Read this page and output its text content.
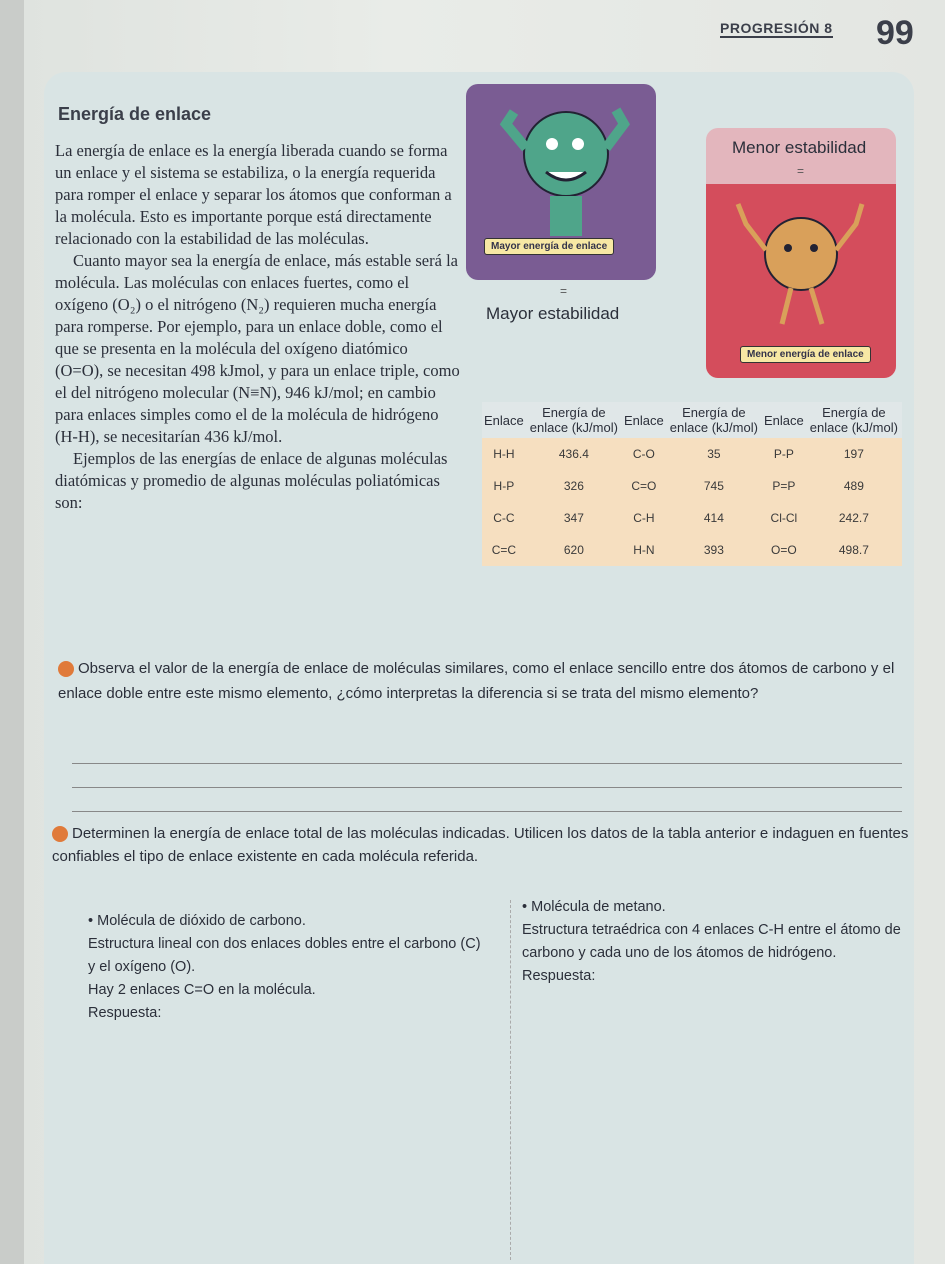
PROGRESIÓN 8 99
Energía de enlace

La energía de enlace es la energía liberada cuando se forma un enlace y el sistema se estabiliza, o la energía requerida para romper el enlace y separar los átomos que conforman a la molécula. Esto es importante porque está directamente relacionado con la estabilidad de las moléculas.

Cuanto mayor sea la energía de enlace, más estable será la molécula. Las moléculas con enlaces fuertes, como el oxígeno (O₂) o el nitrógeno (N₂) requieren mucha energía para romperse. Por ejemplo, para un enlace doble, como el que se presenta en la molécula del oxígeno diatómico (O=O), se necesitan 498 kJmol, y para un enlace triple, como el del nitrógeno molecular (N≡N), 946 kJ/mol; en cambio para enlaces simples como el de la molécula de hidrógeno (H-H), se necesitarían 436 kJ/mol.

Ejemplos de las energías de enlace de algunas moléculas diatómicas y promedio de algunas moléculas poliatómicas son:

Mayor energía de enlace
=
Mayor estabilidad
Menor energía de enlace
Menor estabilidad
=
Enlace	Energía de enlace (kJ/mol)	Enlace	Energía de enlace (kJ/mol)	Enlace	Energía de enlace (kJ/mol)
H-H	436.4	C-O	35	P-P	197
H-P	326	C=O	745	P=P	489
C-C	347	C-H	414	Cl-Cl	242.7
C=C	620	H-N	393	O=O	498.7
Observa el valor de la energía de enlace de moléculas similares, como el enlace sencillo entre dos átomos de carbono y el enlace doble entre este mismo elemento, ¿cómo interpretas la diferencia si se trata del mismo elemento?
Determinen la energía de enlace total de las moléculas indicadas. Utilicen los datos de la tabla anterior e indaguen en fuentes confiables el tipo de enlace existente en cada molécula referida.
• Molécula de dióxido de carbono.
Estructura lineal con dos enlaces dobles entre el carbono (C) y el oxígeno (O).
Hay 2 enlaces C=O en la molécula.
Respuesta:
• Molécula de metano.
Estructura tetraédrica con 4 enlaces C-H entre el átomo de carbono y cada uno de los átomos de hidrógeno.
Respuesta:
